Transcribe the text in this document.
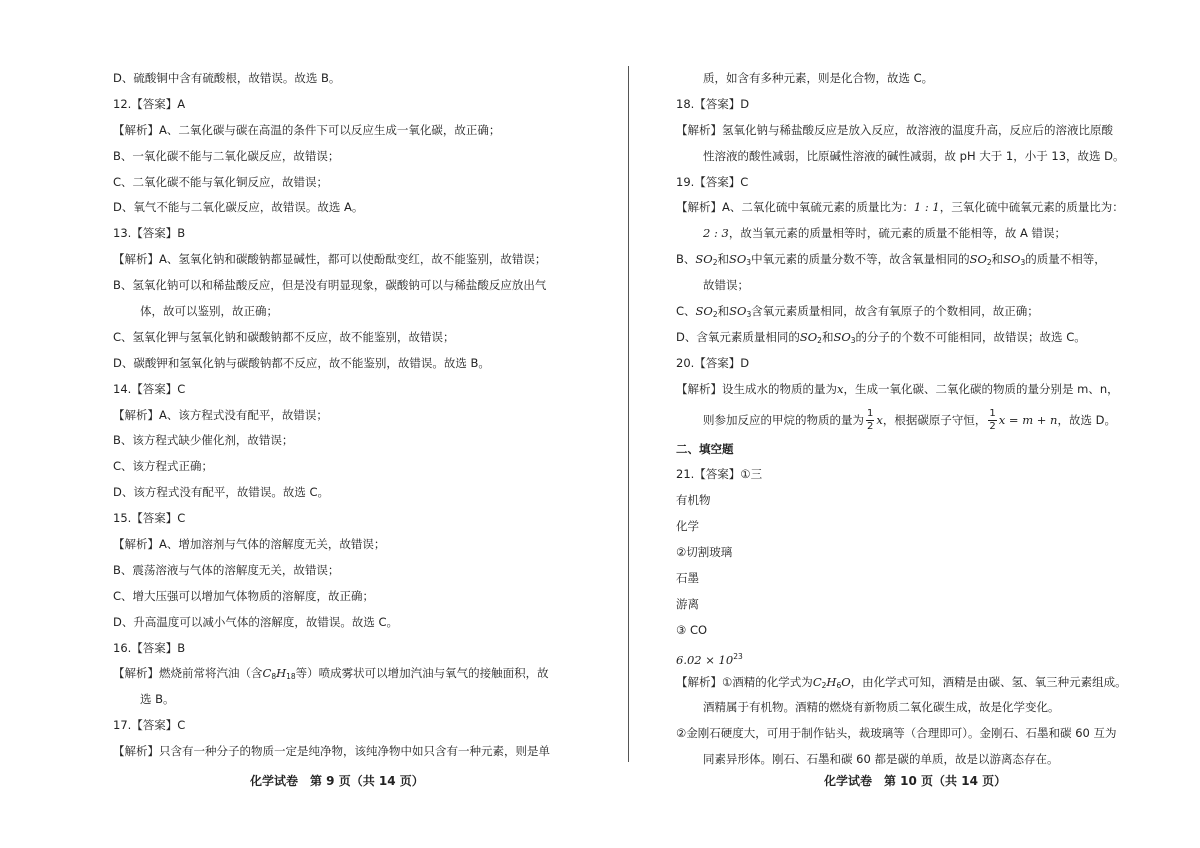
D、硫酸铜中含有硫酸根，故错误。故选 B。
12.【答案】A
【解析】A、二氧化碳与碳在高温的条件下可以反应生成一氧化碳，故正确；
B、一氧化碳不能与二氧化碳反应，故错误；
C、二氧化碳不能与氧化铜反应，故错误；
D、氧气不能与二氧化碳反应，故错误。故选 A。
13.【答案】B
【解析】A、氢氧化钠和碳酸钠都显碱性，都可以使酚酞变红，故不能鉴别，故错误；
B、氢氧化钠可以和稀盐酸反应，但是没有明显现象，碳酸钠可以与稀盐酸反应放出气
体，故可以鉴别，故正确；
C、氢氧化钾与氢氧化钠和碳酸钠都不反应，故不能鉴别，故错误；
D、碳酸钾和氢氧化钠与碳酸钠都不反应，故不能鉴别，故错误。故选 B。
14.【答案】C
【解析】A、该方程式没有配平，故错误；
B、该方程式缺少催化剂，故错误；
C、该方程式正确；
D、该方程式没有配平，故错误。故选 C。
15.【答案】C
【解析】A、增加溶剂与气体的溶解度无关，故错误；
B、震荡溶液与气体的溶解度无关，故错误；
C、增大压强可以增加气体物质的溶解度，故正确；
D、升高温度可以减小气体的溶解度，故错误。故选 C。
16.【答案】B
【解析】燃烧前常将汽油（含$C_8H_{18}$等）喷成雾状可以增加汽油与氧气的接触面积，故
选 B。
17.【答案】C
【解析】只含有一种分子的物质一定是纯净物，该纯净物中如只含有一种元素，则是单
质，如含有多种元素，则是化合物，故选 C。
18.【答案】D
【解析】氢氧化钠与稀盐酸反应是放入反应，故溶液的温度升高，反应后的溶液比原酸
性溶液的酸性减弱，比原碱性溶液的碱性减弱，故 pH 大于 1，小于 13，故选 D。
19.【答案】C
【解析】A、二氧化硫中氧硫元素的质量比为：1 : 1，三氧化硫中硫氧元素的质量比为：
2 : 3，故当氧元素的质量相等时，硫元素的质量不能相等，故 A 错误；
B、$SO_2$和$SO_3$中氧元素的质量分数不等，故含氧量相同的$SO_2$和$SO_3$的质量不相等，
故错误；
C、$SO_2$和$SO_3$含氧元素质量相同，故含有氧原子的个数相同，故正确；
D、含氧元素质量相同的$SO_2$和$SO_3$的分子的个数不可能相同，故错误；故选 C。
20.【答案】D
【解析】设生成水的物质的量为x，生成一氧化碳、二氧化碳的物质的量分别是 m、n，
则参加反应的甲烷的物质的量为 $\frac{1}{2}$ x，根据碳原子守恒， $\frac{1}{2}$ x = m + n，故选 D。
二、填空题
21.【答案】①三
有机物
化学
②切割玻璃
石墨
游离
③ CO
$6.02 \times 10^{23}$
【解析】①酒精的化学式为$C_2H_6O$，由化学式可知，酒精是由碳、氢、氧三种元素组成。
酒精属于有机物。酒精的燃烧有新物质二氧化碳生成，故是化学变化。
②金刚石硬度大，可用于制作钻头，裁玻璃等（合理即可）。金刚石、石墨和碳 60 互为
同素异形体。刚石、石墨和碳 60 都是碳的单质，故是以游离态存在。
化学试卷　第 9 页（共 14 页）	化学试卷　第 10 页（共 14 页）
